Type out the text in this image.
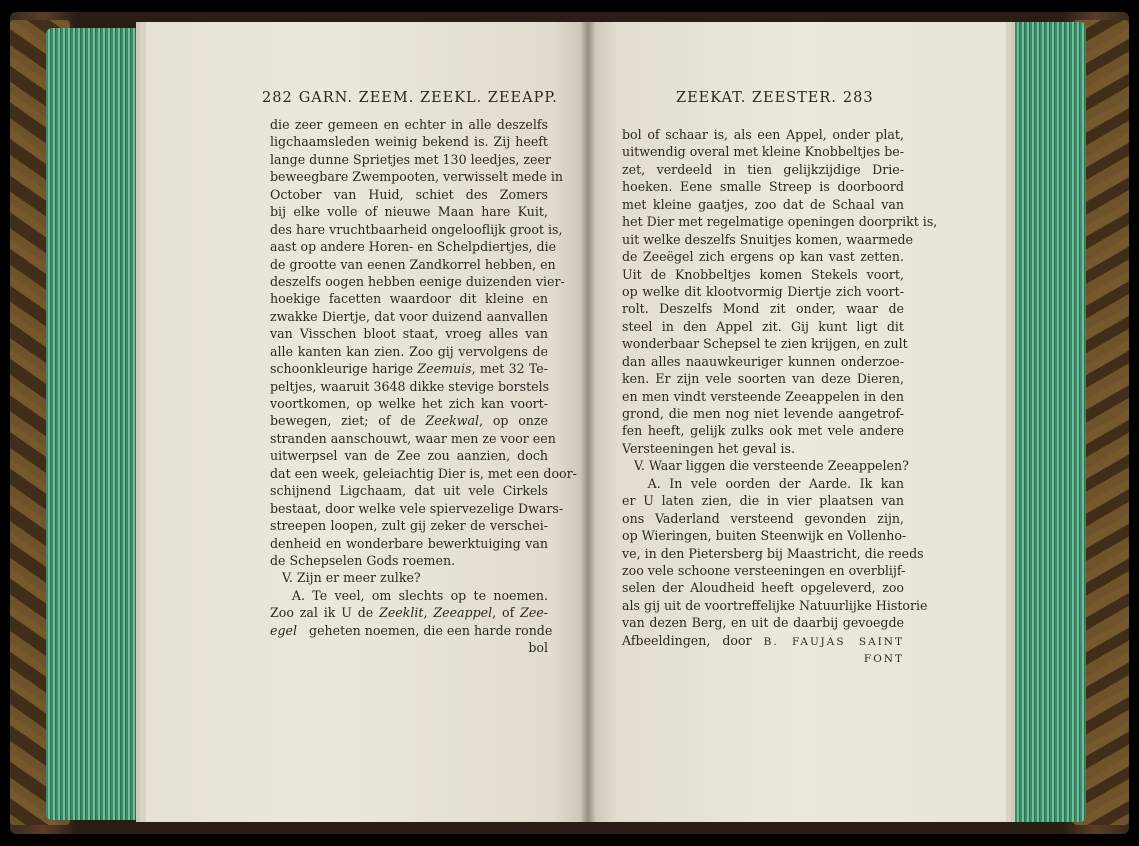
282 GARN. ZEEM. ZEEKL. ZEEAPP.
die zeer gemeen en echter in alle deszelfs
ligchaamsleden weinig bekend is. Zij heeft
lange dunne Sprietjes met 130 leedjes, zeer
beweegbare Zwempooten, verwisselt mede in
October van Huid, schiet des Zomers
bij elke volle of nieuwe Maan hare Kuit,
des hare vruchtbaarheid ongelooflijk groot is,
aast op andere Horen- en Schelpdiertjes, die
de grootte van eenen Zandkorrel hebben, en
deszelfs oogen hebben eenige duizenden vier-
hoekige facetten waardoor dit kleine en
zwakke Diertje, dat voor duizend aanvallen
van Visschen bloot staat, vroeg alles van
alle kanten kan zien. Zoo gij vervolgens de
schoonkleurige harige Zeemuis, met 32 Te-
peltjes, waaruit 3648 dikke stevige borstels
voortkomen, op welke het zich kan voort-
bewegen, ziet; of de Zeekwal, op onze
stranden aanschouwt, waar men ze voor een
uitwerpsel van de Zee zou aanzien, doch
dat een week, geleiachtig Dier is, met een door-
schijnend Ligchaam, dat uit vele Cirkels
bestaat, door welke vele spiervezelige Dwars-
streepen loopen, zult gij zeker de verschei-
denheid en wonderbare bewerktuiging van
de Schepselen Gods roemen.
V. Zijn er meer zulke?
A. Te veel, om slechts op te noemen.
Zoo zal ik U de Zeeklit, Zeeappel, of Zee-
egel   geheten noemen, die een harde ronde
bol
ZEEKAT. ZEESTER. 283
bol of schaar is, als een Appel, onder plat,
uitwendig overal met kleine Knobbeltjes be-
zet, verdeeld in tien gelijkzijdige Drie-
hoeken. Eene smalle Streep is doorboord
met kleine gaatjes, zoo dat de Schaal van
het Dier met regelmatige openingen doorprikt is,
uit welke deszelfs Snuitjes komen, waarmede
de Zeeëgel zich ergens op kan vast zetten.
Uit de Knobbeltjes komen Stekels voort,
op welke dit klootvormig Diertje zich voort-
rolt. Deszelfs Mond zit onder, waar de
steel in den Appel zit. Gij kunt ligt dit
wonderbaar Schepsel te zien krijgen, en zult
dan alles naauwkeuriger kunnen onderzoe-
ken. Er zijn vele soorten van deze Dieren,
en men vindt versteende Zeeappelen in den
grond, die men nog niet levende aangetrof-
fen heeft, gelijk zulks ook met vele andere
Versteeningen het geval is.
V. Waar liggen die versteende Zeeappelen?
A. In vele oorden der Aarde. Ik kan
er U laten zien, die in vier plaatsen van
ons Vaderland versteend gevonden zijn,
op Wieringen, buiten Steenwijk en Vollenho-
ve, in den Pietersberg bij Maastricht, die reeds
zoo vele schoone versteeningen en overblijf-
selen der Aloudheid heeft opgeleverd, zoo
als gij uit de voortreffelijke Natuurlijke Historie
van dezen Berg, en uit de daarbij gevoegde
Afbeeldingen, door B. FAUJAS SAINT
FONT
